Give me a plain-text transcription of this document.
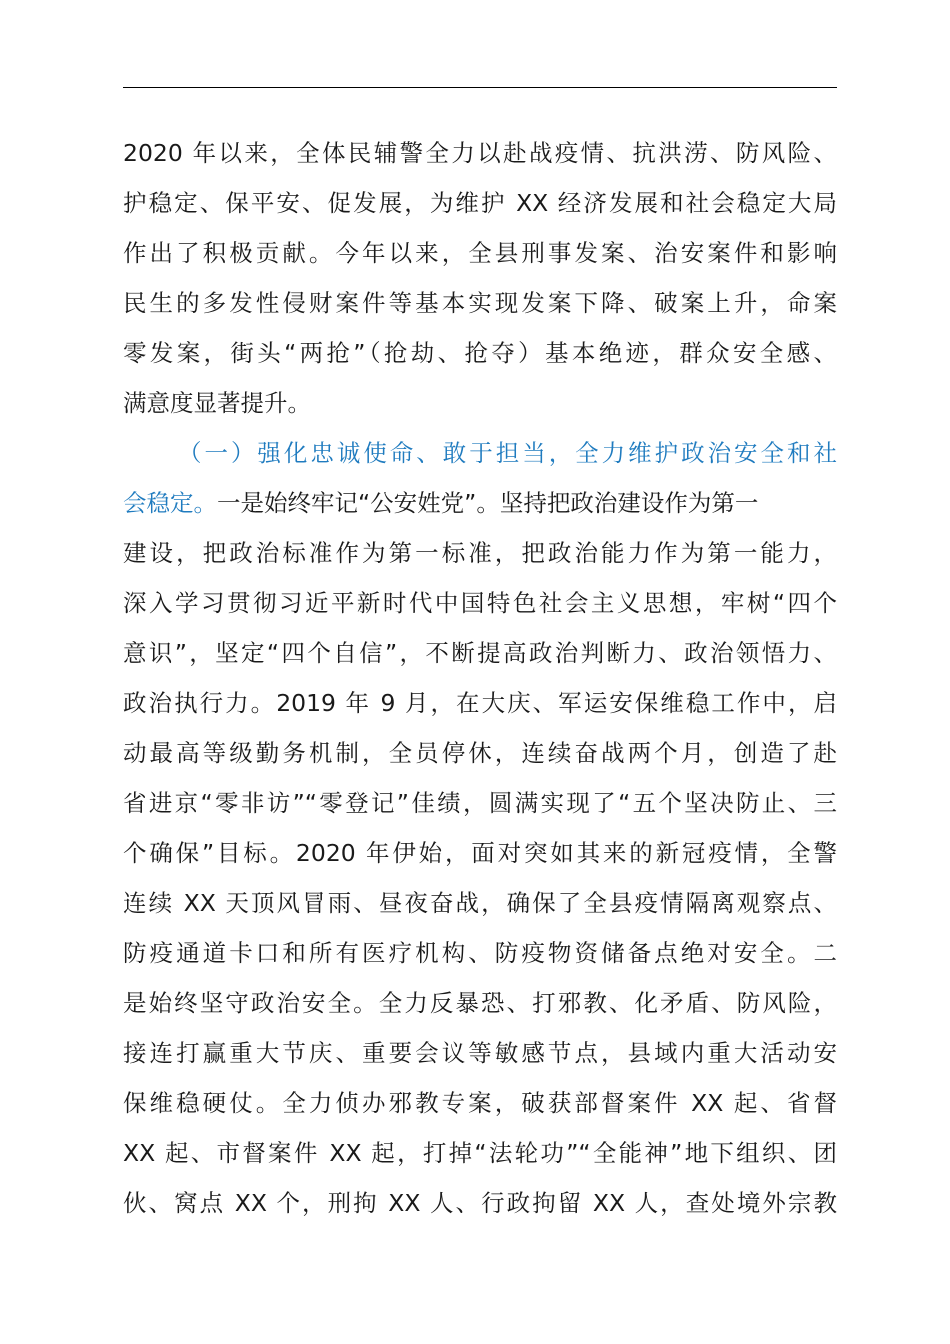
2020 年以来，全体民辅警全力以赴战疫情、抗洪涝、防风险、
护稳定、保平安、促发展，为维护 XX 经济发展和社会稳定大局
作出了积极贡献。今年以来，全县刑事发案、治安案件和影响
民生的多发性侵财案件等基本实现发案下降、破案上升，命案
零发案，街头“两抢”（抢劫、抢夺）基本绝迹，群众安全感、
满意度显著提升。
（一）强化忠诚使命、敢于担当，全力维护政治安全和社
会稳定。一是始终牢记“公安姓党”。坚持把政治建设作为第一
建设，把政治标准作为第一标准，把政治能力作为第一能力，
深入学习贯彻习近平新时代中国特色社会主义思想，牢树“四个
意识”，坚定“四个自信”，不断提高政治判断力、政治领悟力、
政治执行力。2019 年 9 月，在大庆、军运安保维稳工作中，启
动最高等级勤务机制，全员停休，连续奋战两个月，创造了赴
省进京“零非访”“零登记”佳绩，圆满实现了“五个坚决防止、三
个确保”目标。2020 年伊始，面对突如其来的新冠疫情，全警
连续 XX 天顶风冒雨、昼夜奋战，确保了全县疫情隔离观察点、
防疫通道卡口和所有医疗机构、防疫物资储备点绝对安全。二
是始终坚守政治安全。全力反暴恐、打邪教、化矛盾、防风险，
接连打赢重大节庆、重要会议等敏感节点，县域内重大活动安
保维稳硬仗。全力侦办邪教专案，破获部督案件 XX 起、省督
XX 起、市督案件 XX 起，打掉“法轮功”“全能神”地下组织、团
伙、窝点 XX 个，刑拘 XX 人、行政拘留 XX 人，查处境外宗教
